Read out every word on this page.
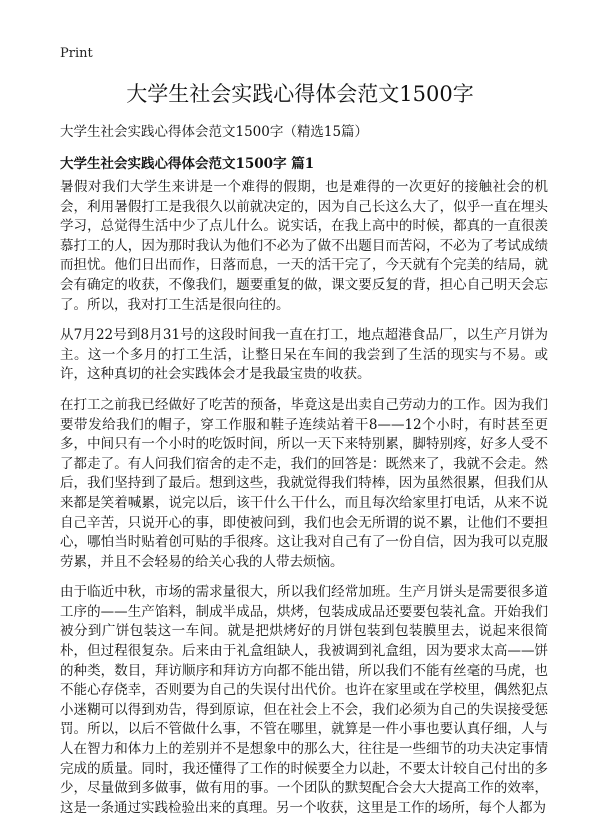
Print
大学生社会实践心得体会范文1500字

大学生社会实践心得体会范文1500字（精选15篇）

大学生社会实践心得体会范文1500字 篇1

暑假对我们大学生来讲是一个难得的假期，也是难得的一次更好的接触社会的机会，利用暑假打工是我很久以前就决定的，因为自己长这么大了，似乎一直在埋头学习，总觉得生活中少了点儿什么。说实话，在我上高中的时候，都真的一直很羡慕打工的人，因为那时我认为他们不必为了做不出题目而苦闷，不必为了考试成绩而担忧。他们日出而作，日落而息，一天的活干完了，今天就有个完美的结局，就会有确定的收获，不像我们，题要重复的做，课文要反复的背，担心自己明天会忘了。所以，我对打工生活是很向往的。

从7月22号到8月31号的这段时间我一直在打工，地点超港食品厂，以生产月饼为主。这一个多月的打工生活，让整日呆在车间的我尝到了生活的现实与不易。或许，这种真切的社会实践体会才是我最宝贵的收获。

在打工之前我已经做好了吃苦的预备，毕竟这是出卖自己劳动力的工作。因为我们要带发给我们的帽子，穿工作服和鞋子连续站着干8——12个小时，有时甚至更多，中间只有一个小时的吃饭时间，所以一天下来特别累，脚特别疼，好多人受不了都走了。有人问我们宿舍的走不走，我们的回答是：既然来了，我就不会走。然后，我们坚持到了最后。想到这些，我就觉得我们特棒，因为虽然很累，但我们从来都是笑着喊累，说完以后，该干什么干什么，而且每次给家里打电话，从来不说自己辛苦，只说开心的事，即使被问到，我们也会无所谓的说不累，让他们不要担心，哪怕当时贴着创可贴的手很疼。这让我对自己有了一份自信，因为我可以克服劳累，并且不会轻易的给关心我的人带去烦恼。

由于临近中秋，市场的需求量很大，所以我们经常加班。生产月饼头是需要很多道工序的——生产馅料，制成半成品，烘烤，包装成成品还要要包装礼盒。开始我们被分到广饼包装这一车间。就是把烘烤好的月饼包装到包装膜里去，说起来很简朴，但过程很复杂。后来由于礼盒组缺人，我被调到礼盒组，因为要求太高——饼的种类，数目，拜访顺序和拜访方向都不能出错，所以我们不能有丝毫的马虎，也不能心存侥幸，否则要为自己的失误付出代价。也许在家里或在学校里，偶然犯点小迷糊可以得到劝告，得到原谅，但在社会上不会，我们必须为自己的失误接受惩罚。所以，以后不管做什么事，不管在哪里，就算是一件小事也要认真仔细，人与人在智力和体力上的差别并不是想象中的那么大，往往是一些细节的功夫决定事情完成的质量。同时，我还懂得了工作的时候要全力以赴，不要太计较自己付出的多少，尽量做到多做事，做有用的事。一个团队的默契配合会大大提高工作的效率，这是一条通过实践检验出来的真理。另一个收获，这里是工作的场所，每个人都为
